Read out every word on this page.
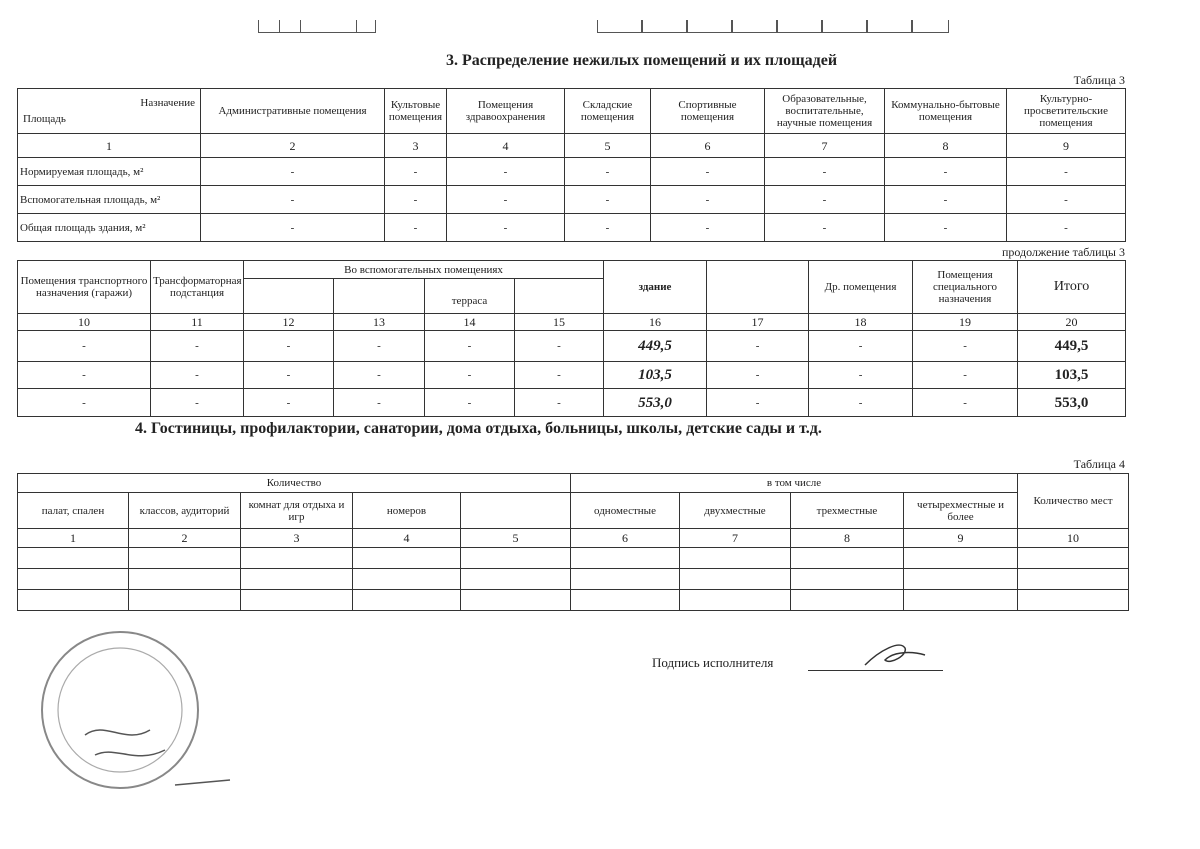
3. Распределение нежилых помещений и их площадей
Таблица 3
Назначение
Площадь	Административные помещения	Культовые помещения	Помещения здравоохранения	Складские помещения	Спортивные помещения	Образовательные, воспитательные, научные помещения	Коммунально-бытовые помещения	Культурно-просветительские помещения
1	2	3	4	5	6	7	8	9
Нормируемая площадь, м²	-	-	-	-	-	-	-	-
Вспомогательная площадь, м²	-	-	-	-	-	-	-	-
Общая площадь здания, м²	-	-	-	-	-	-	-	-
продолжение таблицы 3
Помещения транспортного назначения (гаражи)	Трансформаторная подстанция	Во вспомогательных помещениях				здание		Др. помещения	Помещения специального назначения	Итого
				терраса						
10	11	12	13	14	15	16	17	18	19	20
-	-	-	-	-	-	449,5	-	-	-	449,5
-	-	-	-	-	-	103,5	-	-	-	103,5
-	-	-	-	-	-	553,0	-	-	-	553,0
4. Гостиницы, профилактории, санатории, дома отдыха, больницы, школы, детские сады и т.д.
Таблица 4
Количество					в том числе				Количество мест
палат, спален	классов, аудиторий	комнат для отдыха и игр	номеров		одноместные	двухместные	трехместные	четырехместные и более	
1	2	3	4	5	6	7	8	9	10

Подпись исполнителя
